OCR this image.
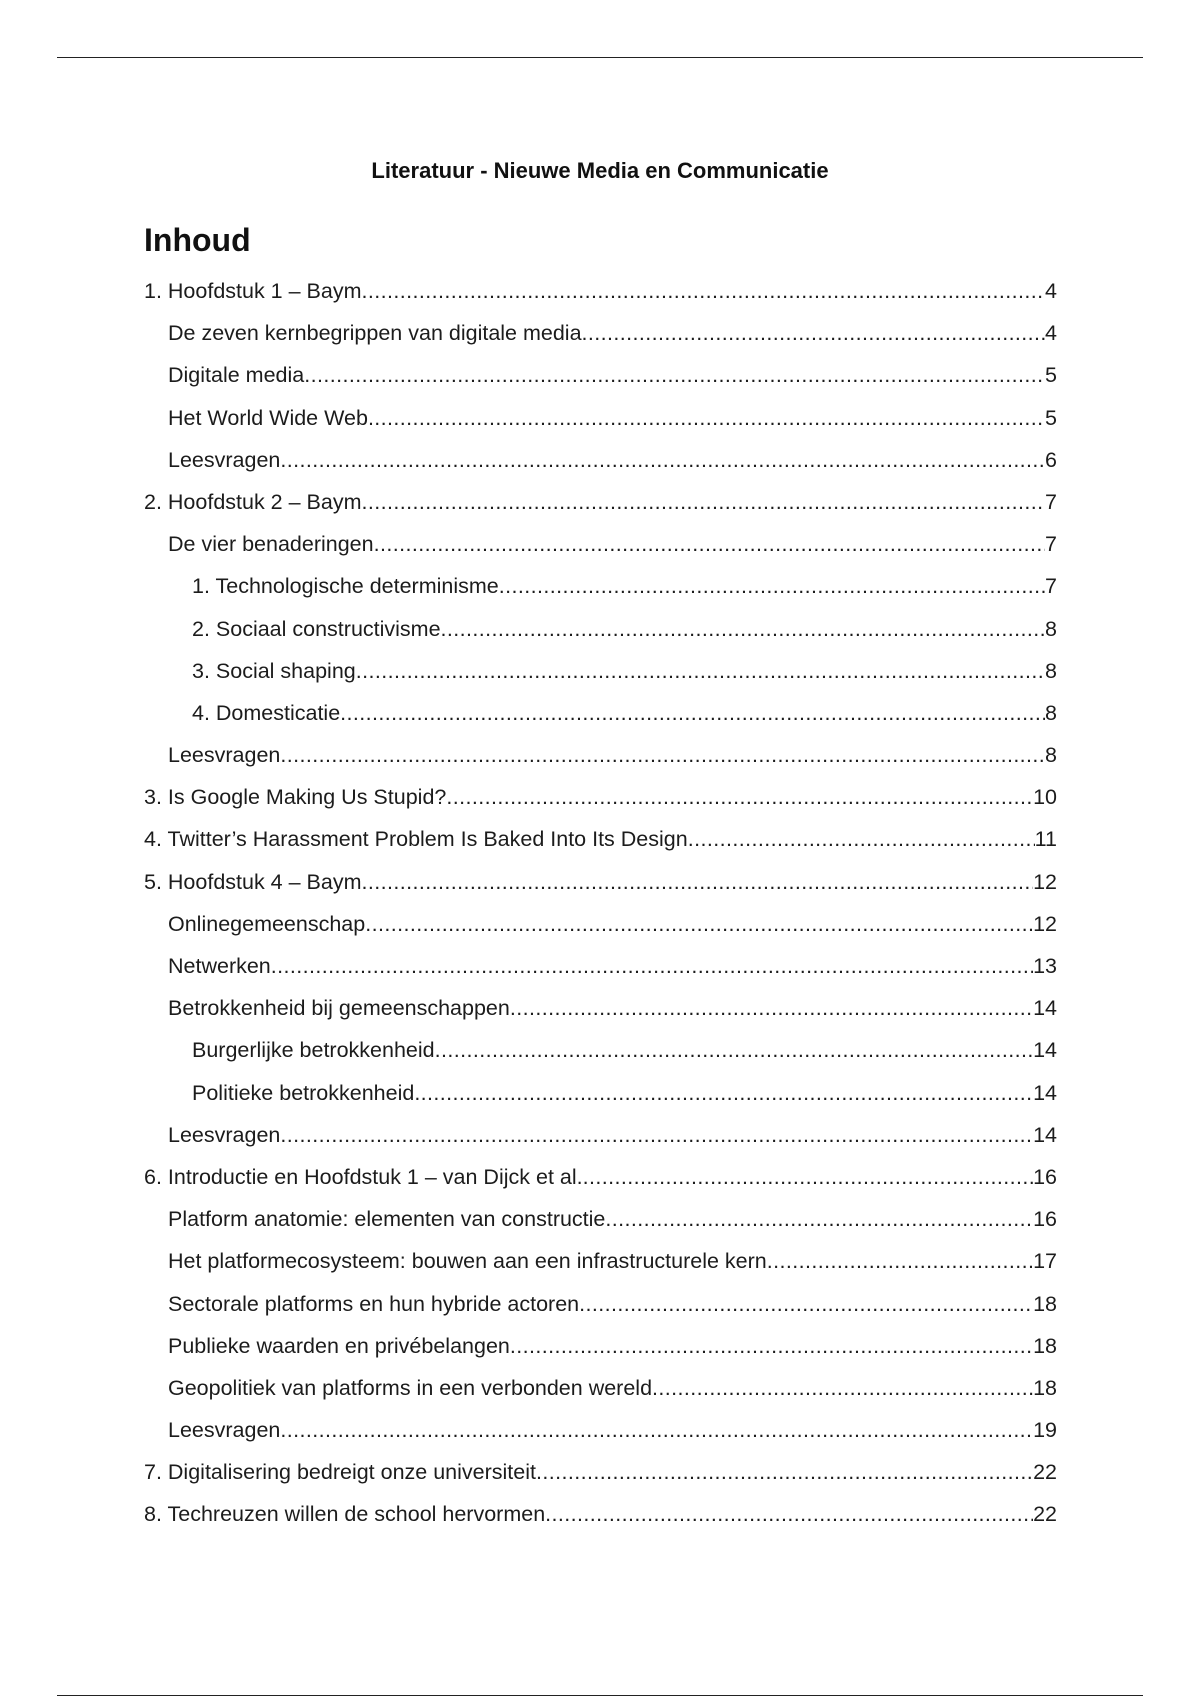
Literatuur - Nieuwe Media en Communicatie
Inhoud
1. Hoofdstuk 1 – Baym .....	4
De zeven kernbegrippen van digitale media .....	4
Digitale media .....	5
Het World Wide Web .....	5
Leesvragen .....	6
2. Hoofdstuk 2 – Baym .....	7
De vier benaderingen .....	7
1. Technologische determinisme .....	7
2. Sociaal constructivisme .....	8
3. Social shaping .....	8
4. Domesticatie .....	8
Leesvragen .....	8
3. Is Google Making Us Stupid? .....	10
4. Twitter’s Harassment Problem Is Baked Into Its Design .....	11
5. Hoofdstuk 4 – Baym .....	12
Onlinegemeenschap .....	12
Netwerken .....	13
Betrokkenheid bij gemeenschappen .....	14
Burgerlijke betrokkenheid .....	14
Politieke betrokkenheid .....	14
Leesvragen .....	14
6. Introductie en Hoofdstuk 1 – van Dijck et al. .....	16
Platform anatomie: elementen van constructie .....	16
Het platformecosysteem: bouwen aan een infrastructurele kern .....	17
Sectorale platforms en hun hybride actoren .....	18
Publieke waarden en privébelangen .....	18
Geopolitiek van platforms in een verbonden wereld .....	18
Leesvragen .....	19
7. Digitalisering bedreigt onze universiteit .....	22
8. Techreuzen willen de school hervormen .....	22
